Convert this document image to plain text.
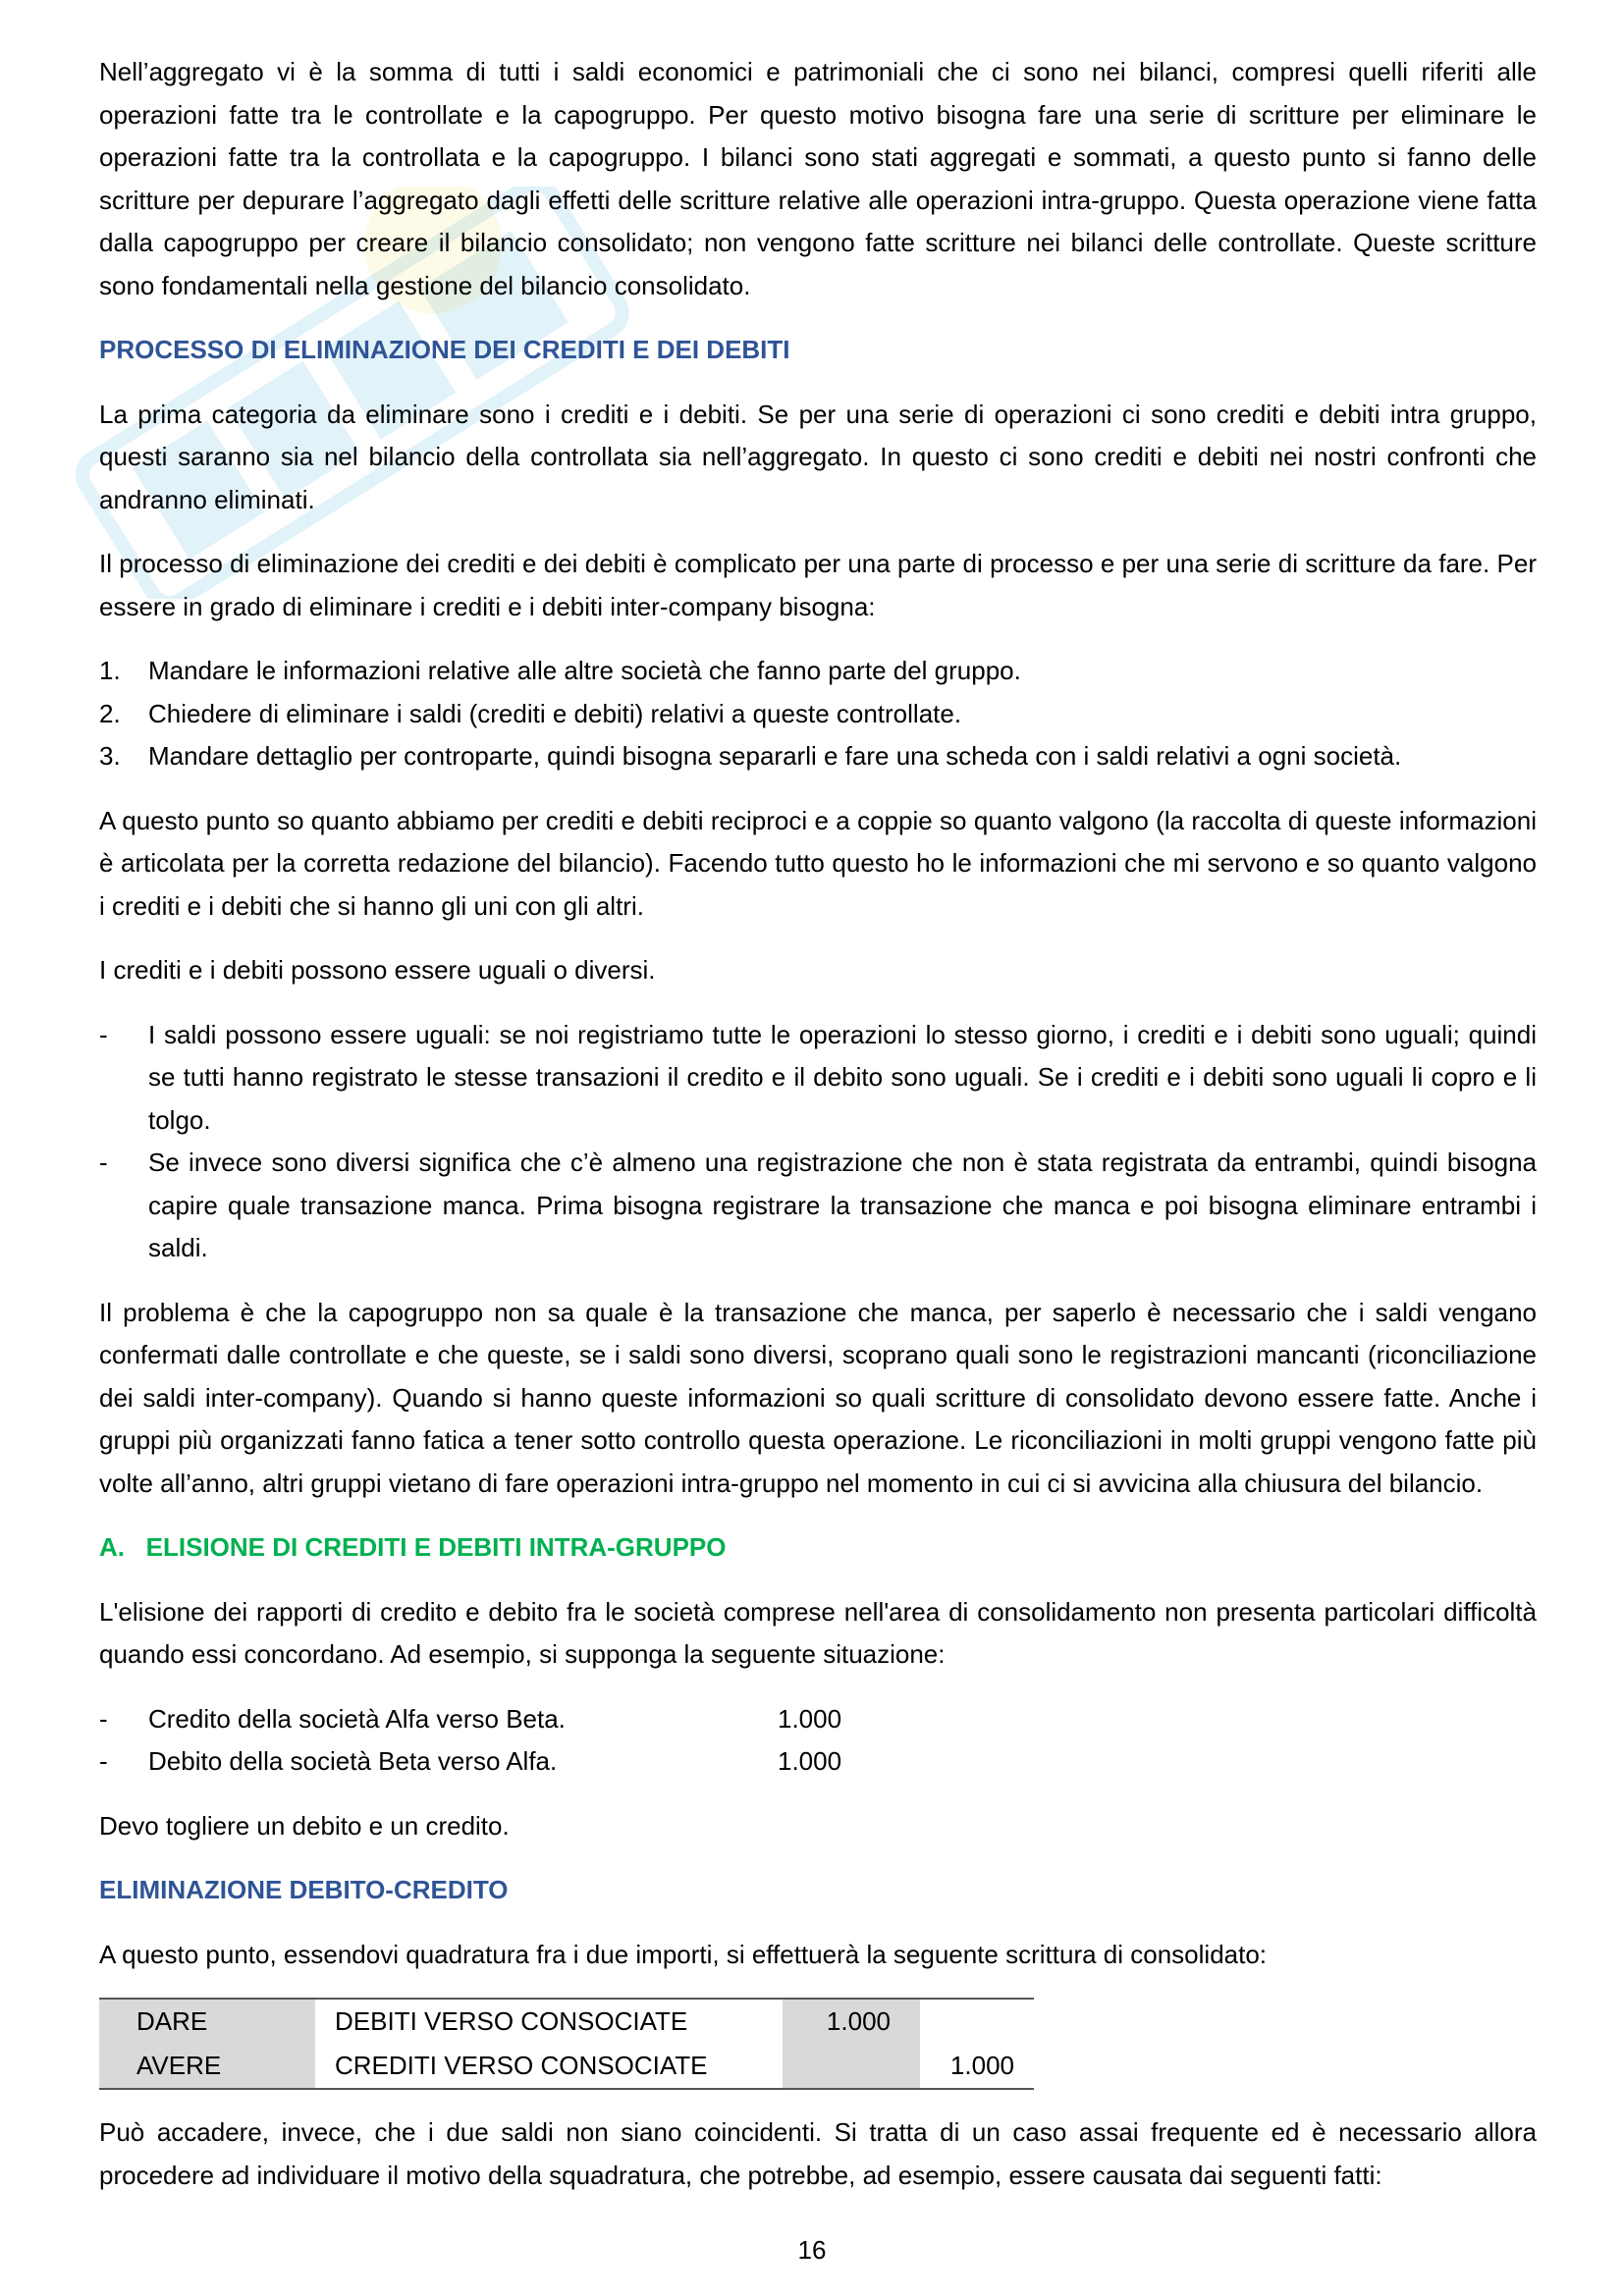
Nell’aggregato vi è la somma di tutti i saldi economici e patrimoniali che ci sono nei bilanci, compresi quelli riferiti alle operazioni fatte tra le controllate e la capogruppo. Per questo motivo bisogna fare una serie di scritture per eliminare le operazioni fatte tra la controllata e la capogruppo. I bilanci sono stati aggregati e sommati, a questo punto si fanno delle scritture per depurare l’aggregato dagli effetti delle scritture relative alle operazioni intra-gruppo. Questa operazione viene fatta dalla capogruppo per creare il bilancio consolidato; non vengono fatte scritture nei bilanci delle controllate. Queste scritture sono fondamentali nella gestione del bilancio consolidato.

PROCESSO DI ELIMINAZIONE DEI CREDITI E DEI DEBITI

La prima categoria da eliminare sono i crediti e i debiti. Se per una serie di operazioni ci sono crediti e debiti intra gruppo, questi saranno sia nel bilancio della controllata sia nell’aggregato. In questo ci sono crediti e debiti nei nostri confronti che andranno eliminati.

Il processo di eliminazione dei crediti e dei debiti è complicato per una parte di processo e per una serie di scritture da fare. Per essere in grado di eliminare i crediti e i debiti inter-company bisogna:

1. Mandare le informazioni relative alle altre società che fanno parte del gruppo.
2. Chiedere di eliminare i saldi (crediti e debiti) relativi a queste controllate.
3. Mandare dettaglio per controparte, quindi bisogna separarli e fare una scheda con i saldi relativi a ogni società.

A questo punto so quanto abbiamo per crediti e debiti reciproci e a coppie so quanto valgono (la raccolta di queste informazioni è articolata per la corretta redazione del bilancio). Facendo tutto questo ho le informazioni che mi servono e so quanto valgono i crediti e i debiti che si hanno gli uni con gli altri.

I crediti e i debiti possono essere uguali o diversi.

- I saldi possono essere uguali: se noi registriamo tutte le operazioni lo stesso giorno, i crediti e i debiti sono uguali; quindi se tutti hanno registrato le stesse transazioni il credito e il debito sono uguali. Se i crediti e i debiti sono uguali li copro e li tolgo.
- Se invece sono diversi significa che c’è almeno una registrazione che non è stata registrata da entrambi, quindi bisogna capire quale transazione manca. Prima bisogna registrare la transazione che manca e poi bisogna eliminare entrambi i saldi.

Il problema è che la capogruppo non sa quale è la transazione che manca, per saperlo è necessario che i saldi vengano confermati dalle controllate e che queste, se i saldi sono diversi, scoprano quali sono le registrazioni mancanti (riconciliazione dei saldi inter-company). Quando si hanno queste informazioni so quali scritture di consolidato devono essere fatte. Anche i gruppi più organizzati fanno fatica a tener sotto controllo questa operazione. Le riconciliazioni in molti gruppi vengono fatte più volte all’anno, altri gruppi vietano di fare operazioni intra-gruppo nel momento in cui ci si avvicina alla chiusura del bilancio.

A.   ELISIONE DI CREDITI E DEBITI INTRA-GRUPPO

L'elisione dei rapporti di credito e debito fra le società comprese nell'area di consolidamento non presenta particolari difficoltà quando essi concordano. Ad esempio, si supponga la seguente situazione:

- Credito della società Alfa verso Beta.	1.000
- Debito della società Beta verso Alfa.	1.000

Devo togliere un debito e un credito.

ELIMINAZIONE DEBITO-CREDITO

A questo punto, essendovi quadratura fra i due importi, si effettuerà la seguente scrittura di consolidato:

DARE	DEBITI VERSO CONSOCIATE	1.000	
AVERE	CREDITI VERSO CONSOCIATE		1.000

Può accadere, invece, che i due saldi non siano coincidenti. Si tratta di un caso assai frequente ed è necessario allora procedere ad individuare il motivo della squadratura, che potrebbe, ad esempio, essere causata dai seguenti fatti:

16
